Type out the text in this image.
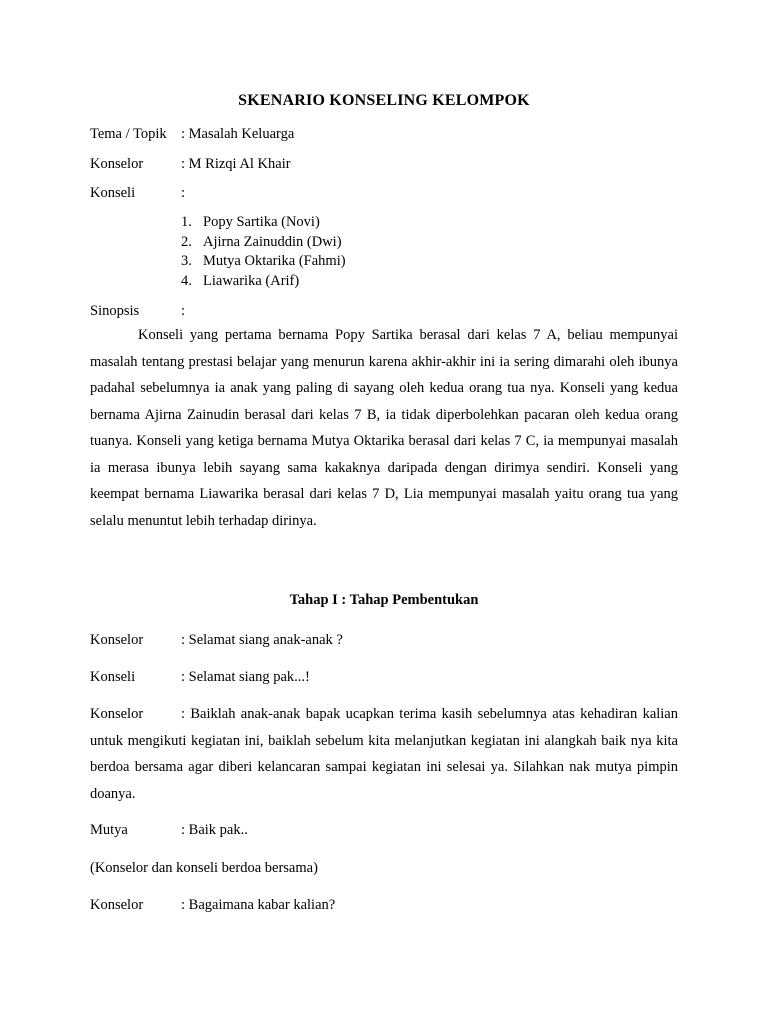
SKENARIO KONSELING KELOMPOK
Tema / Topik : Masalah Keluarga
Konselor	: M Rizqi Al Khair
Konseli	:
1. Popy Sartika (Novi)
2. Ajirna Zainuddin (Dwi)
3. Mutya Oktarika (Fahmi)
4. Liawarika (Arif)
Sinopsis	:

Konseli yang pertama bernama Popy Sartika berasal dari kelas 7 A, beliau mempunyai masalah tentang prestasi belajar yang menurun karena akhir-akhir ini ia sering dimarahi oleh ibunya padahal sebelumnya ia anak yang paling di sayang oleh kedua orang tua nya. Konseli yang kedua bernama Ajirna Zainudin berasal dari kelas 7 B, ia tidak diperbolehkan pacaran oleh kedua orang tuanya. Konseli yang ketiga bernama Mutya Oktarika berasal dari kelas 7 C, ia mempunyai masalah ia merasa ibunya lebih sayang sama kakaknya daripada dengan dirimya sendiri. Konseli yang keempat bernama Liawarika berasal dari kelas 7 D, Lia mempunyai masalah yaitu orang tua yang selalu menuntut lebih terhadap dirinya.

Tahap I : Tahap Pembentukan
Konselor	: Selamat siang anak-anak ?
Konseli	: Selamat siang pak...!

Konselor	: Baiklah anak-anak bapak ucapkan terima kasih sebelumnya atas kehadiran kalian untuk mengikuti kegiatan ini, baiklah sebelum kita melanjutkan kegiatan ini alangkah baik nya kita berdoa bersama agar diberi kelancaran sampai kegiatan ini selesai ya. Silahkan nak mutya pimpin doanya.

Mutya	: Baik pak..
(Konselor dan konseli berdoa bersama)
Konselor	: Bagaimana kabar kalian?
